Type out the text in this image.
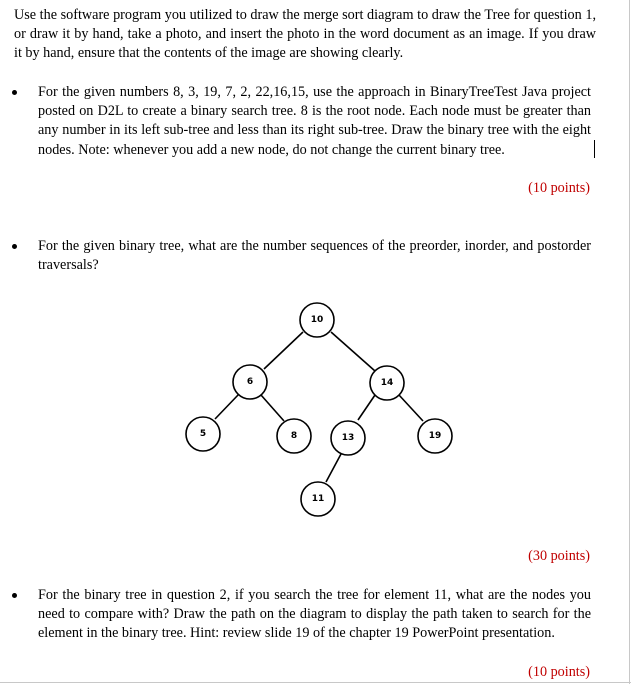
Use the software program you utilized to draw the merge sort diagram to draw the Tree for question 1, or draw it by hand, take a photo, and insert the photo in the word document as an image. If you draw it by hand, ensure that the contents of the image are showing clearly.

For the given numbers 8, 3, 19, 7, 2, 22,16,15, use the approach in BinaryTreeTest Java project posted on D2L to create a binary search tree. 8 is the root node. Each node must be greater than any number in its left sub-tree and less than its right sub-tree. Draw the binary tree with the eight nodes. Note: whenever you add a new node, do not change the current binary tree.

(10 points)

For the given binary tree, what are the number sequences of the preorder, inorder, and postorder traversals?

10
6	14
5	8	13	19
11
(30 points)

For the binary tree in question 2, if you search the tree for element 11, what are the nodes you need to compare with? Draw the path on the diagram to display the path taken to search for the element in the binary tree. Hint: review slide 19 of the chapter 19 PowerPoint presentation.

(10 points)
